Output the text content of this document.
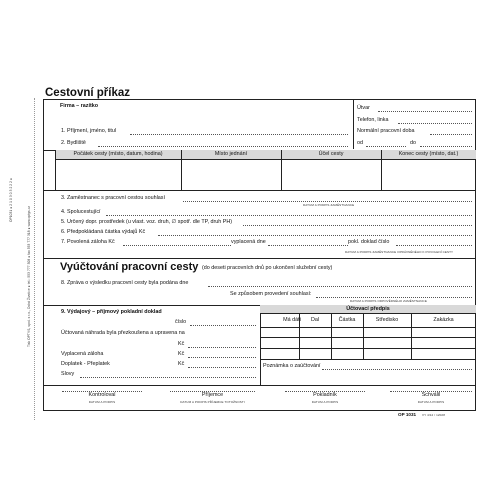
Tisk OPTYS, spol. s r.o., Dolní Životice ● tel.: 553 777 308 ● fax 553 777 318 ● www.optys.cz
OP1031 ● 2 1 0 3 0 3 2 2 2 ●
Cestovní příkaz
Firma – razítko	Útvar
Telefon, linka
Normální pracovní doba
od	do
1. Příjmení, jméno, titul
2. Bydliště
Počátek cesty (místo, datum, hodina)	Místo jednání	Účel cesty	Konec cesty (místo, dat.)
3. Zaměstnanec s pracovní cestou souhlasí
DATUM A PODPIS ZAMĚSTNANCE
4. Spolucestující
5. Určený dopr. prostředek (u vlast. voz. druh, ∅ spotř. dle TP, druh PH)
6. Předpokládaná částka výdajů Kč
7. Povolená záloha Kč	vyplacená dne	pokl. doklad číslo
DATUM A PODPIS ZAMĚSTNANCE OPRÁVNĚNÉHO K POVOLENÍ CESTY
Vyúčtování pracovní cesty (do deseti pracovních dnů po ukončení služební cesty)
8. Zpráva o výsledku pracovní cesty byla podána dne
Se způsobem provedení souhlasí:
DATUM A PODPIS ODPOVĚDNÉHO ZAMĚSTNANCE
9. Výdajový – příjmový pokladní doklad
číslo
Účtovaná náhrada byla přezkoušena a upravena na
Kč
Vyplacená záloha	Kč
Doplatek - Přeplatek	Kč
Slovy
Účtovací předpis
Má dáti	Dal	Částka	Středisko	Zakázka
Poznámka o zaúčtování
Kontroloval	Příjemce	Pokladník	Schválil
DATUM A PODPIS	DATUM A PODPIS PŘÍJEMCE TOTOŽNOSTI	DATUM A PODPIS	DATUM A PODPIS
OP 1031 VY 4/12 / 12028
